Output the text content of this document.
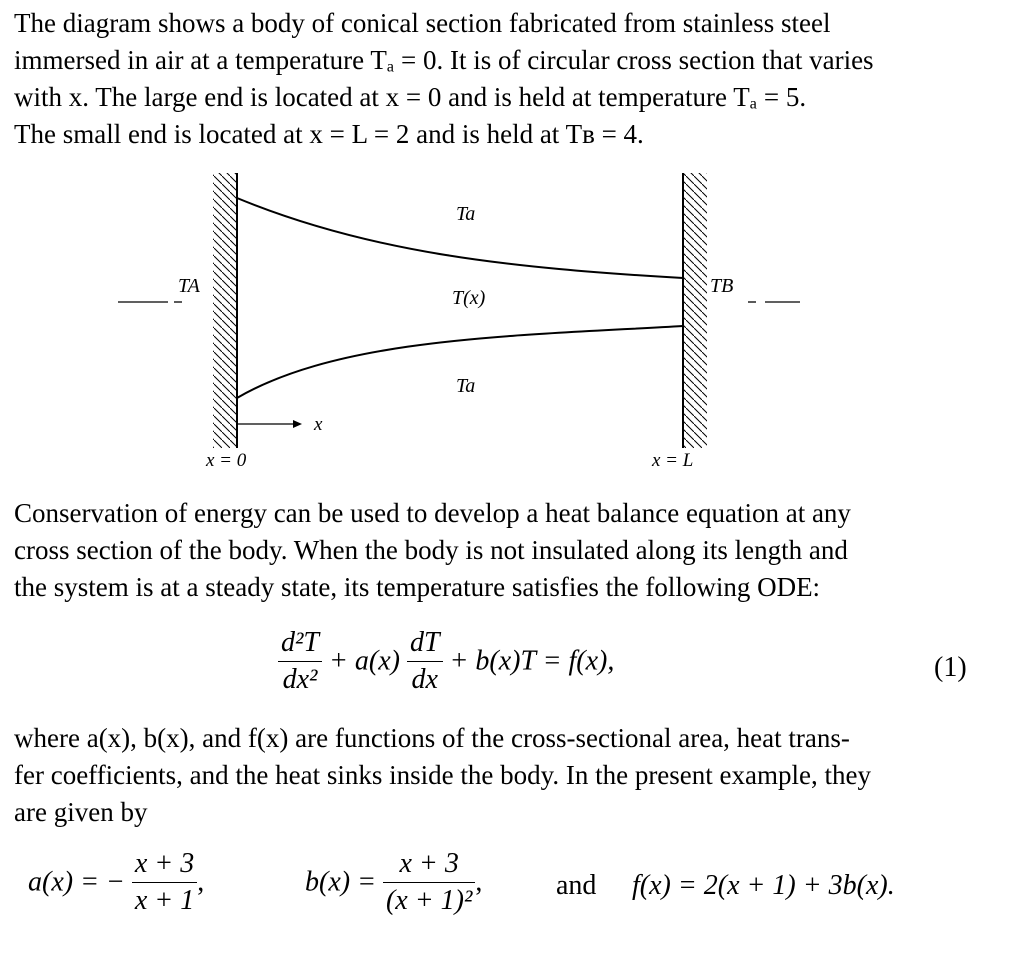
The diagram shows a body of conical section fabricated from stainless steel
immersed in air at a temperature Tₐ = 0. It is of circular cross section that varies
with x. The large end is located at x = 0 and is held at temperature Tₐ = 5.
The small end is located at x = L = 2 and is held at Tʙ = 4.
Ta
T(x)
Ta
TA	TB
x
x = 0	x = L
Conservation of energy can be used to develop a heat balance equation at any
cross section of the body. When the body is not insulated along its length and
the system is at a steady state, its temperature satisfies the following ODE:
$\frac{\text{d²T}}{\text{dx²}} + a(x) \frac{dT}{dx} + b(x)T = f(x)$,	(1)
where a(x), b(x), and f(x) are functions of the cross-sectional area, heat trans-
fer coefficients, and the heat sinks inside the body. In the present example, they
are given by
a(x) = − $\frac{x + 3}{x + 1}$ ,	$b(x) = \frac{x + 3}{\text{(x + 1)²}}$ ,	and f(x) = 2(x + 1) + 3b(x).
